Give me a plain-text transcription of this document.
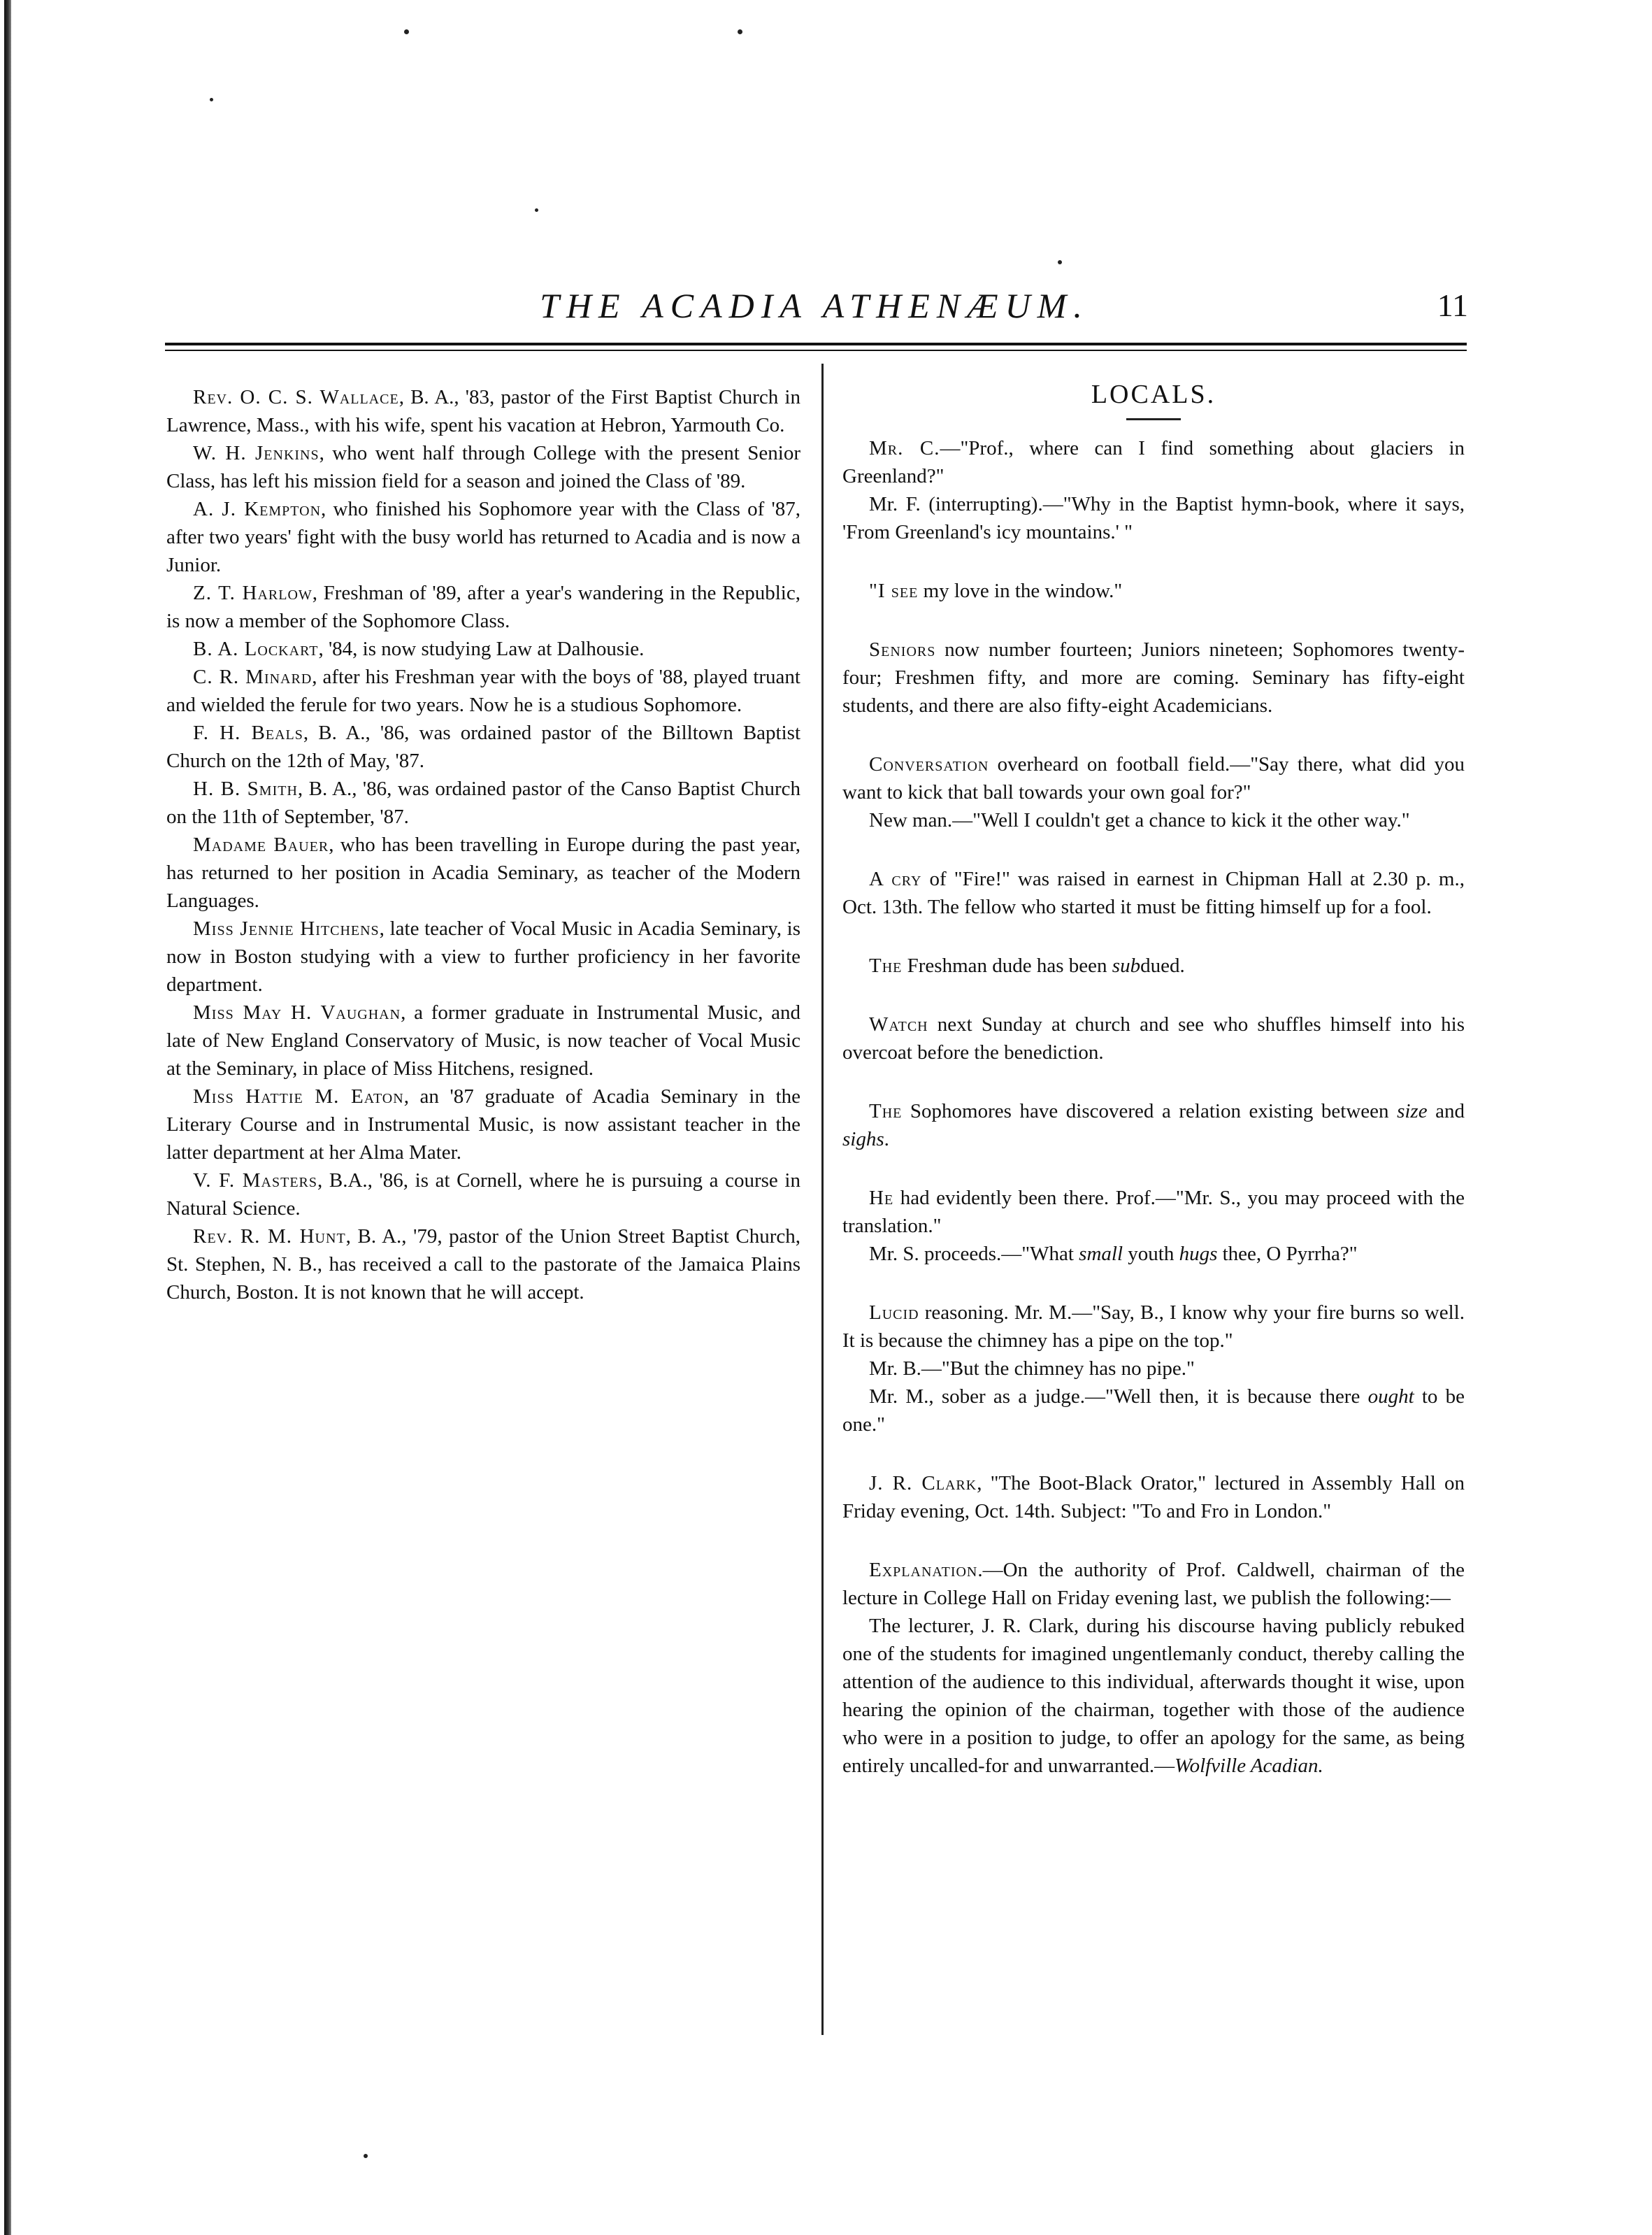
THE ACADIA ATHENÆUM.	11

Rev. O. C. S. Wallace, B. A., '83, pastor of the First Baptist Church in Lawrence, Mass., with his wife, spent his vacation at Hebron, Yarmouth Co.

W. H. Jenkins, who went half through College with the present Senior Class, has left his mission field for a season and joined the Class of '89.

A. J. Kempton, who finished his Sophomore year with the Class of '87, after two years' fight with the busy world has returned to Acadia and is now a Junior.

Z. T. Harlow, Freshman of '89, after a year's wandering in the Republic, is now a member of the Sophomore Class.

B. A. Lockart, '84, is now studying Law at Dalhousie.

C. R. Minard, after his Freshman year with the boys of '88, played truant and wielded the ferule for two years. Now he is a studious Sophomore.

F. H. Beals, B. A., '86, was ordained pastor of the Billtown Baptist Church on the 12th of May, '87.

H. B. Smith, B. A., '86, was ordained pastor of the Canso Baptist Church on the 11th of September, '87.

Madame Bauer, who has been travelling in Europe during the past year, has returned to her position in Acadia Seminary, as teacher of the Modern Languages.

Miss Jennie Hitchens, late teacher of Vocal Music in Acadia Seminary, is now in Boston studying with a view to further proficiency in her favorite department.

Miss May H. Vaughan, a former graduate in Instrumental Music, and late of New England Conservatory of Music, is now teacher of Vocal Music at the Seminary, in place of Miss Hitchens, resigned.

Miss Hattie M. Eaton, an '87 graduate of Acadia Seminary in the Literary Course and in Instrumental Music, is now assistant teacher in the latter department at her Alma Mater.

V. F. Masters, B.A., '86, is at Cornell, where he is pursuing a course in Natural Science.

Rev. R. M. Hunt, B. A., '79, pastor of the Union Street Baptist Church, St. Stephen, N. B., has received a call to the pastorate of the Jamaica Plains Church, Boston. It is not known that he will accept.

LOCALS.

Mr. C.—"Prof., where can I find something about glaciers in Greenland?"

Mr. F. (interrupting).—"Why in the Baptist hymn-book, where it says, 'From Greenland's icy mountains.' "

"I see my love in the window."

Seniors now number fourteen; Juniors nineteen; Sophomores twenty-four; Freshmen fifty, and more are coming. Seminary has fifty-eight students, and there are also fifty-eight Academicians.

Conversation overheard on football field.—"Say there, what did you want to kick that ball towards your own goal for?"

New man.—"Well I couldn't get a chance to kick it the other way."

A cry of "Fire!" was raised in earnest in Chipman Hall at 2.30 p. m., Oct. 13th. The fellow who started it must be fitting himself up for a fool.

The Freshman dude has been subdued.

Watch next Sunday at church and see who shuffles himself into his overcoat before the benediction.

The Sophomores have discovered a relation existing between size and sighs.

He had evidently been there. Prof.—"Mr. S., you may proceed with the translation."

Mr. S. proceeds.—"What small youth hugs thee, O Pyrrha?"

Lucid reasoning. Mr. M.—"Say, B., I know why your fire burns so well. It is because the chimney has a pipe on the top."

Mr. B.—"But the chimney has no pipe."

Mr. M., sober as a judge.—"Well then, it is because there ought to be one."

J. R. Clark, "The Boot-Black Orator," lectured in Assembly Hall on Friday evening, Oct. 14th. Subject: "To and Fro in London."

Explanation.—On the authority of Prof. Caldwell, chairman of the lecture in College Hall on Friday evening last, we publish the following:—

The lecturer, J. R. Clark, during his discourse having publicly rebuked one of the students for imagined ungentlemanly conduct, thereby calling the attention of the audience to this individual, afterwards thought it wise, upon hearing the opinion of the chairman, together with those of the audience who were in a position to judge, to offer an apology for the same, as being entirely uncalled-for and unwarranted.—Wolfville Acadian.
